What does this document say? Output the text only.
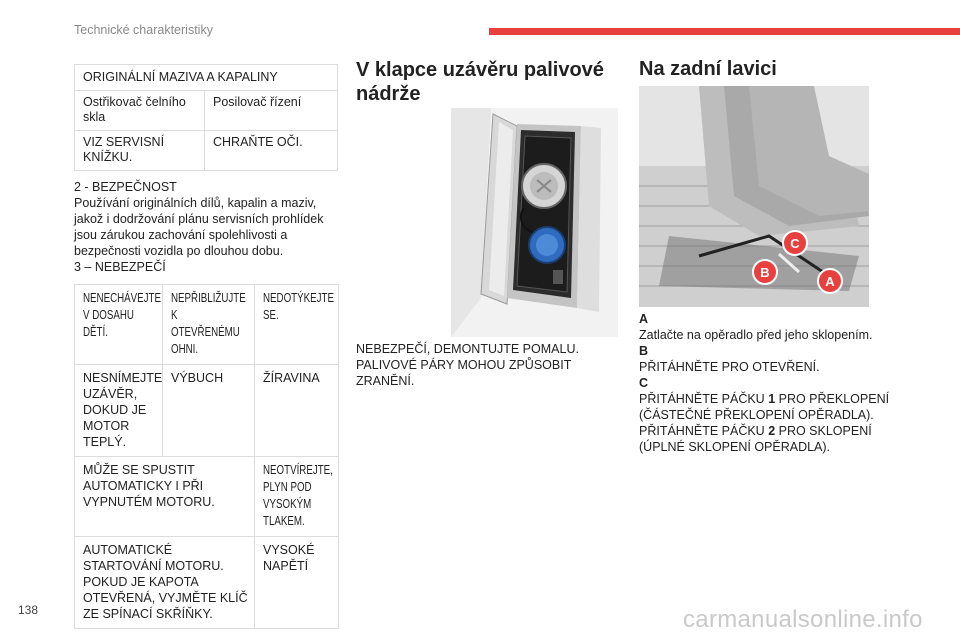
Technické charakteristiky
ORIGINÁLNÍ MAZIVA A KAPALINY	
Ostřikovač čelního skla	Posilovač řízení
VIZ SERVISNÍ KNÍŽKU.	CHRAŇTE OČI.
2 - BEZPEČNOST
Používání originálních dílů, kapalin a maziv, jakož i dodržování plánu servisních prohlídek jsou zárukou zachování spolehlivosti a bezpečnosti vozidla po dlouhou dobu.
3 – NEBEZPEČÍ
NENECHÁVEJTE V DOSAHU DĚTÍ.	NEPŘIBLIŽUJTE K OTEVŘENÉMU OHNI.	NEDOTÝKEJTE SE.
NESNÍMEJTE UZÁVĚR, DOKUD JE MOTOR TEPLÝ.	VÝBUCH	ŽÍRAVINA
MŮŽE SE SPUSTIT AUTOMATICKY I PŘI VYPNUTÉM MOTORU.		NEOTVÍREJTE, PLYN POD VYSOKÝM TLAKEM.
AUTOMATICKÉ STARTOVÁNÍ MOTORU. POKUD JE KAPOTA OTEVŘENÁ, VYJMĚTE KLÍČ ZE SPÍNACÍ SKŘÍŇKY.		VYSOKÉ NAPĚTÍ
V klapce uzávěru palivové nádrže
NEBEZPEČÍ, DEMONTUJTE POMALU. PALIVOVÉ PÁRY MOHOU ZPŮSOBIT ZRANĚNÍ.
Na zadní lavici
C
B
A
A
Zatlačte na opěradlo před jeho sklopením.
B
PŘITÁHNĚTE PRO OTEVŘENÍ.
C
PŘITÁHNĚTE PÁČKU 1 PRO PŘEKLOPENÍ (ČÁSTEČNÉ PŘEKLOPENÍ OPĚRADLA).
PŘITÁHNĚTE PÁČKU 2 PRO SKLOPENÍ (ÚPLNÉ SKLOPENÍ OPĚRADLA).
138	carmanualsonline.info
